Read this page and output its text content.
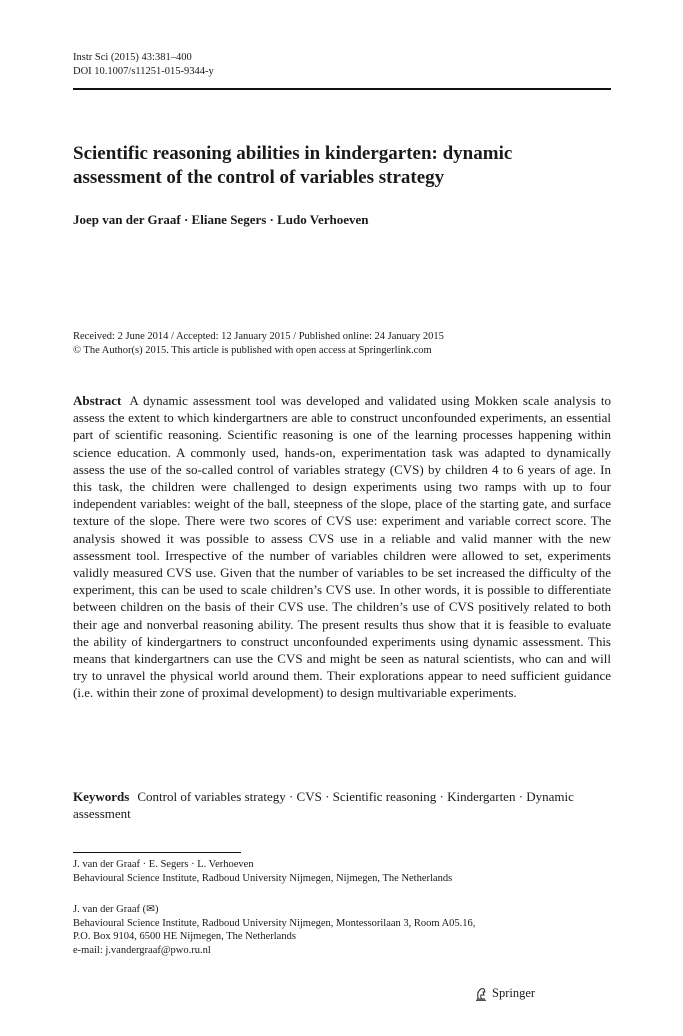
Instr Sci (2015) 43:381–400
DOI 10.1007/s11251-015-9344-y
Scientific reasoning abilities in kindergarten: dynamic
assessment of the control of variables strategy
Joep van der Graaf · Eliane Segers · Ludo Verhoeven
Received: 2 June 2014 / Accepted: 12 January 2015 / Published online: 24 January 2015
© The Author(s) 2015. This article is published with open access at Springerlink.com
Abstract A dynamic assessment tool was developed and validated using Mokken scale analysis to assess the extent to which kindergartners are able to construct unconfounded experiments, an essential part of scientific reasoning. Scientific reasoning is one of the learning processes happening within science education. A commonly used, hands-on, experimentation task was adapted to dynamically assess the use of the so-called control of variables strategy (CVS) by children 4 to 6 years of age. In this task, the children were challenged to design experiments using two ramps with up to four independent variables: weight of the ball, steepness of the slope, place of the starting gate, and surface texture of the slope. There were two scores of CVS use: experiment and variable correct score. The analysis showed it was possible to assess CVS use in a reliable and valid manner with the new assessment tool. Irrespective of the number of variables children were allowed to set, experiments validly measured CVS use. Given that the number of variables to be set increased the difficulty of the experiment, this can be used to scale children’s CVS use. In other words, it is possible to differentiate between children on the basis of their CVS use. The children’s use of CVS positively related to both their age and nonverbal reasoning ability. The present results thus show that it is feasible to evaluate the ability of kindergartners to construct unconfounded experiments using dynamic assessment. This means that kindergartners can use the CVS and might be seen as natural scientists, who can and will try to unravel the physical world around them. Their explorations appear to need sufficient guidance (i.e. within their zone of proximal development) to design multivariable experiments.
Keywords Control of variables strategy · CVS · Scientific reasoning · Kindergarten · Dynamic assessment
J. van der Graaf · E. Segers · L. Verhoeven
Behavioural Science Institute, Radboud University Nijmegen, Nijmegen, The Netherlands
J. van der Graaf (✉)
Behavioural Science Institute, Radboud University Nijmegen, Montessorilaan 3, Room A05.16,
P.O. Box 9104, 6500 HE Nijmegen, The Netherlands
e-mail: j.vandergraaf@pwo.ru.nl
Springer
